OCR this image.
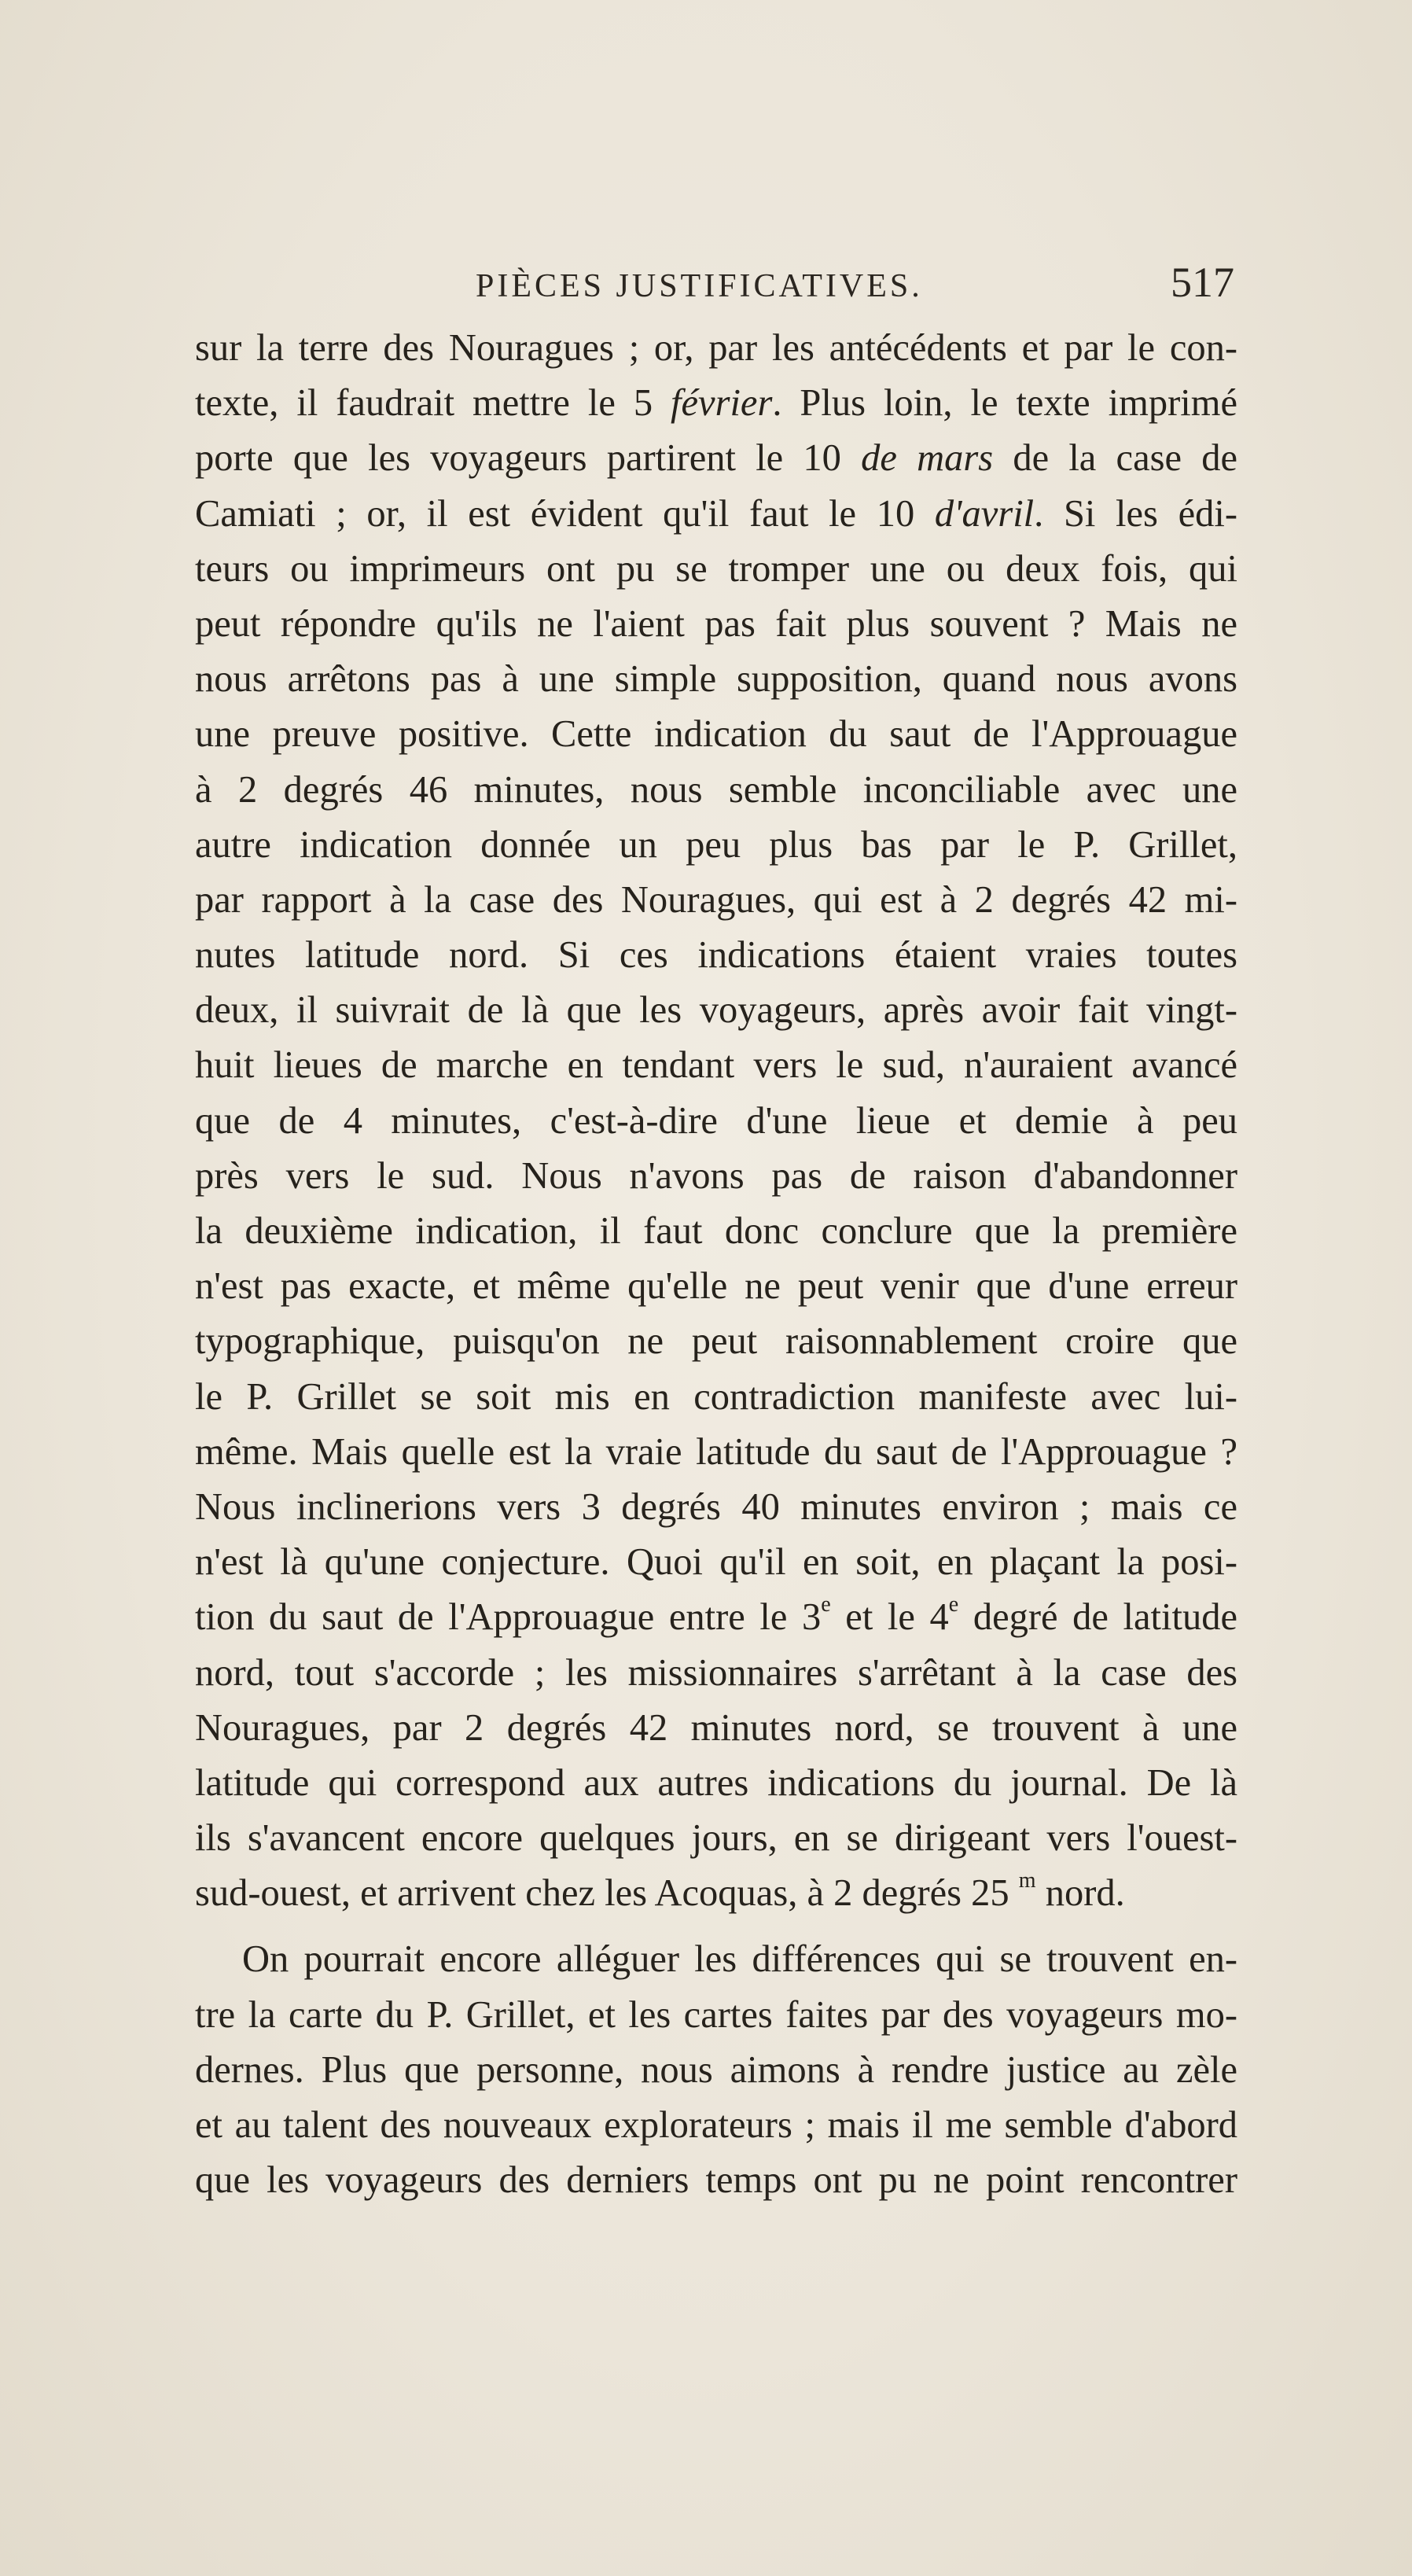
PIÈCES JUSTIFICATIVES.	517
sur la terre des Nouragues ; or, par les antécédents et par le con-
texte, il faudrait mettre le 5 février. Plus loin, le texte imprimé
porte que les voyageurs partirent le 10 de mars de la case de
Camiati ; or, il est évident qu'il faut le 10 d'avril. Si les édi-
teurs ou imprimeurs ont pu se tromper une ou deux fois, qui
peut répondre qu'ils ne l'aient pas fait plus souvent ? Mais ne
nous arrêtons pas à une simple supposition, quand nous avons
une preuve positive. Cette indication du saut de l'Approuague
à 2 degrés 46 minutes, nous semble inconciliable avec une
autre indication donnée un peu plus bas par le P. Grillet,
par rapport à la case des Nouragues, qui est à 2 degrés 42 mi-
nutes latitude nord. Si ces indications étaient vraies toutes
deux, il suivrait de là que les voyageurs, après avoir fait vingt-
huit lieues de marche en tendant vers le sud, n'auraient avancé
que de 4 minutes, c'est-à-dire d'une lieue et demie à peu
près vers le sud. Nous n'avons pas de raison d'abandonner
la deuxième indication, il faut donc conclure que la première
n'est pas exacte, et même qu'elle ne peut venir que d'une erreur
typographique, puisqu'on ne peut raisonnablement croire que
le P. Grillet se soit mis en contradiction manifeste avec lui-
même. Mais quelle est la vraie latitude du saut de l'Approuague ?
Nous inclinerions vers 3 degrés 40 minutes environ ; mais ce
n'est là qu'une conjecture. Quoi qu'il en soit, en plaçant la posi-
tion du saut de l'Approuague entre le 3e et le 4e degré de latitude
nord, tout s'accorde ; les missionnaires s'arrêtant à la case des
Nouragues, par 2 degrés 42 minutes nord, se trouvent à une
latitude qui correspond aux autres indications du journal. De là
ils s'avancent encore quelques jours, en se dirigeant vers l'ouest-
sud-ouest, et arrivent chez les Acoquas, à 2 degrés 25 $^m$ nord.
On pourrait encore alléguer les différences qui se trouvent en-
tre la carte du P. Grillet, et les cartes faites par des voyageurs mo-
dernes. Plus que personne, nous aimons à rendre justice au zèle
et au talent des nouveaux explorateurs ; mais il me semble d'abord
que les voyageurs des derniers temps ont pu ne point rencontrer
